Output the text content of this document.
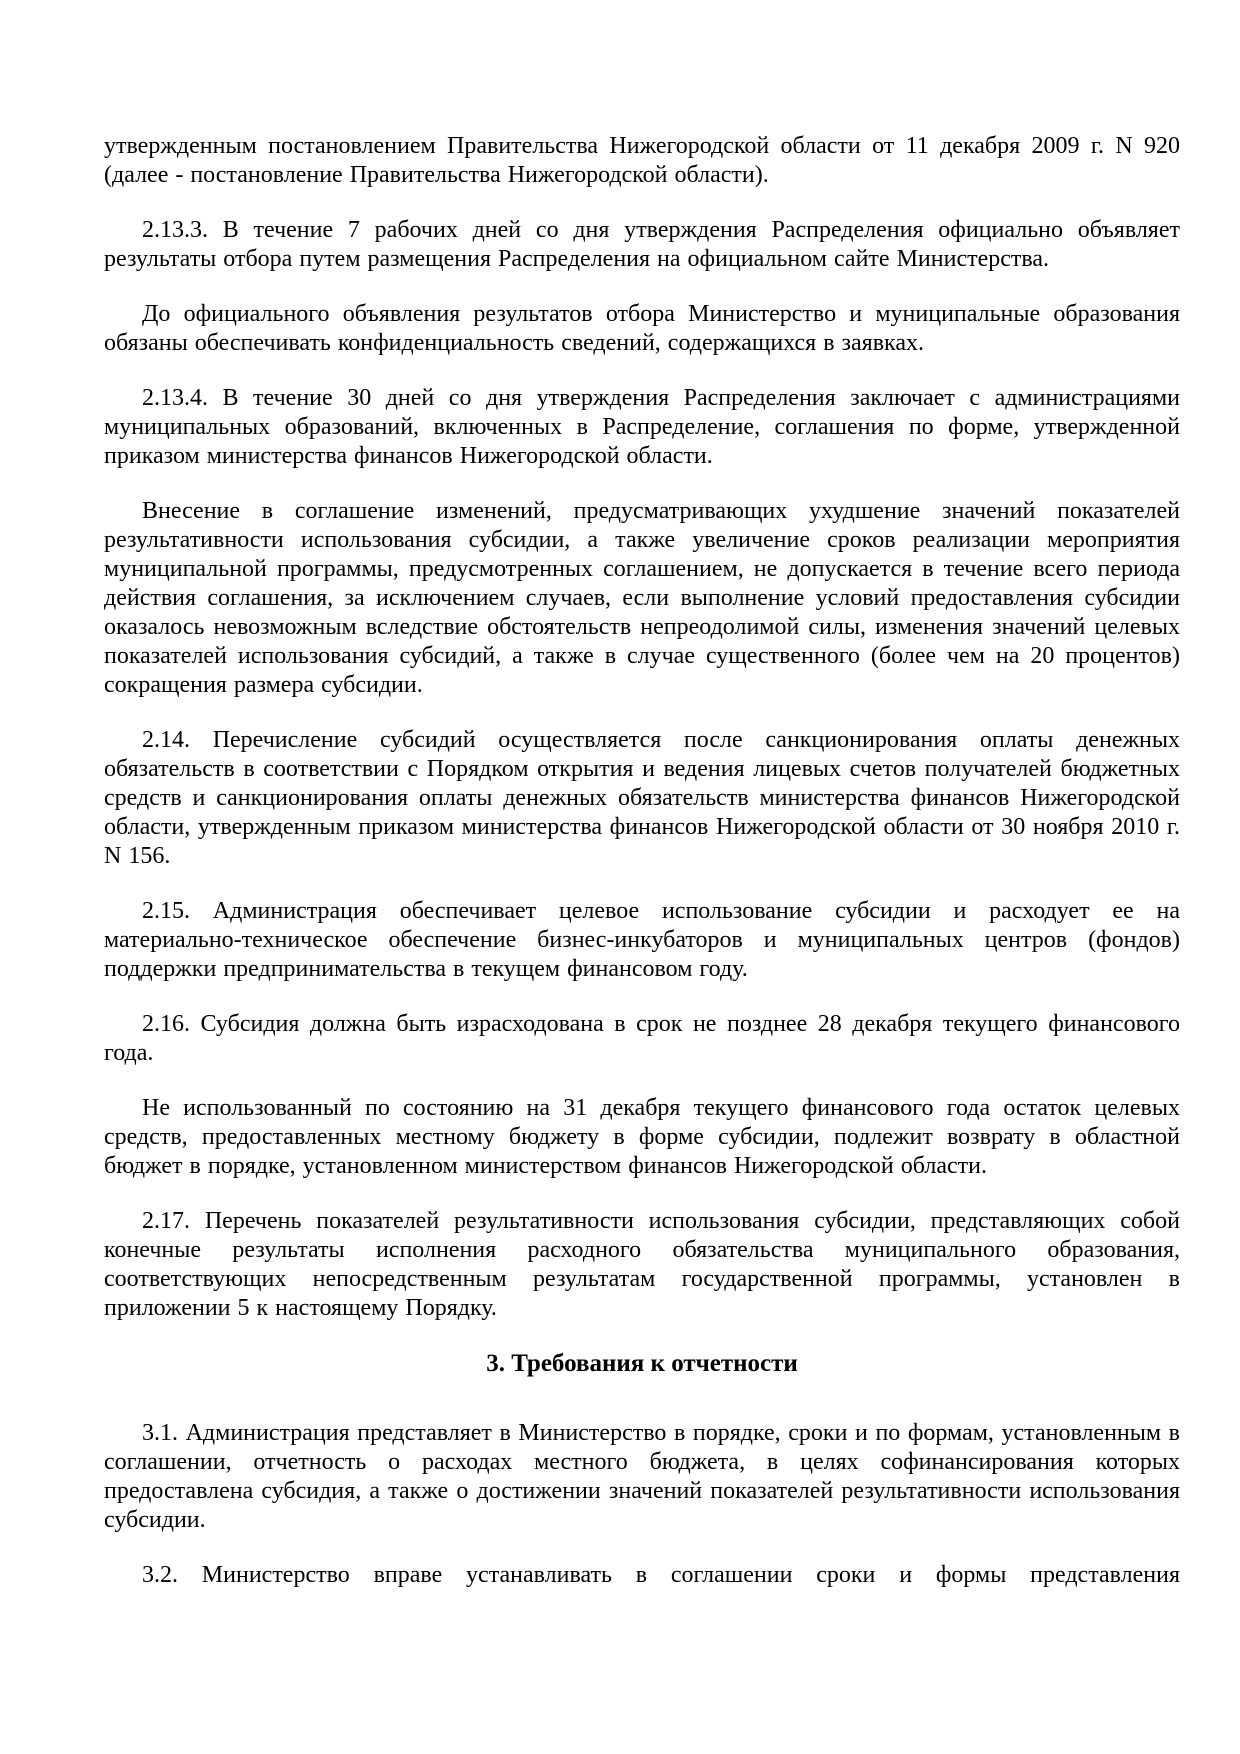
утвержденным постановлением Правительства Нижегородской области от 11 декабря 2009 г. N 920 (далее - постановление Правительства Нижегородской области).

2.13.3. В течение 7 рабочих дней со дня утверждения Распределения официально объявляет результаты отбора путем размещения Распределения на официальном сайте Министерства.

До официального объявления результатов отбора Министерство и муниципальные образования обязаны обеспечивать конфиденциальность сведений, содержащихся в заявках.

2.13.4. В течение 30 дней со дня утверждения Распределения заключает с администрациями муниципальных образований, включенных в Распределение, соглашения по форме, утвержденной приказом министерства финансов Нижегородской области.

Внесение в соглашение изменений, предусматривающих ухудшение значений показателей результативности использования субсидии, а также увеличение сроков реализации мероприятия муниципальной программы, предусмотренных соглашением, не допускается в течение всего периода действия соглашения, за исключением случаев, если выполнение условий предоставления субсидии оказалось невозможным вследствие обстоятельств непреодолимой силы, изменения значений целевых показателей использования субсидий, а также в случае существенного (более чем на 20 процентов) сокращения размера субсидии.

2.14. Перечисление субсидий осуществляется после санкционирования оплаты денежных обязательств в соответствии с Порядком открытия и ведения лицевых счетов получателей бюджетных средств и санкционирования оплаты денежных обязательств министерства финансов Нижегородской области, утвержденным приказом министерства финансов Нижегородской области от 30 ноября 2010 г. N 156.

2.15. Администрация обеспечивает целевое использование субсидии и расходует ее на материально-техническое обеспечение бизнес-инкубаторов и муниципальных центров (фондов) поддержки предпринимательства в текущем финансовом году.

2.16. Субсидия должна быть израсходована в срок не позднее 28 декабря текущего финансового года.

Не использованный по состоянию на 31 декабря текущего финансового года остаток целевых средств, предоставленных местному бюджету в форме субсидии, подлежит возврату в областной бюджет в порядке, установленном министерством финансов Нижегородской области.

2.17. Перечень показателей результативности использования субсидии, представляющих собой конечные результаты исполнения расходного обязательства муниципального образования, соответствующих непосредственным результатам государственной программы, установлен в приложении 5 к настоящему Порядку.

3. Требования к отчетности

3.1. Администрация представляет в Министерство в порядке, сроки и по формам, установленным в соглашении, отчетность о расходах местного бюджета, в целях софинансирования которых предоставлена субсидия, а также о достижении значений показателей результативности использования субсидии.

3.2. Министерство вправе устанавливать в соглашении сроки и формы представления
